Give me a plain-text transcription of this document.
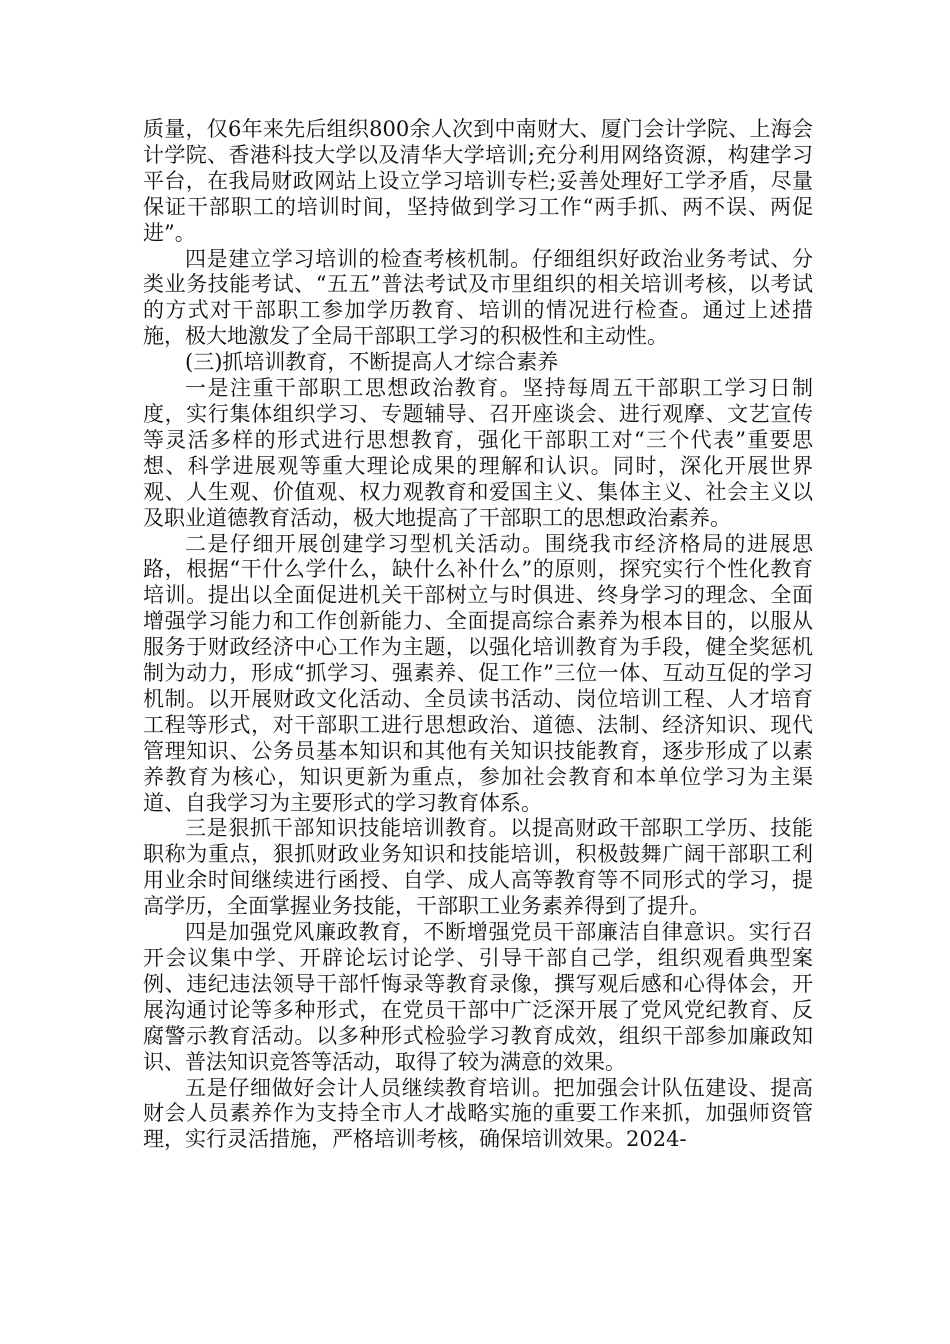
质量，仅6年来先后组织800余人次到中南财大、厦门会计学院、上海会计学院、香港科技大学以及清华大学培训;充分利用网络资源，构建学习平台，在我局财政网站上设立学习培训专栏;妥善处理好工学矛盾，尽量保证干部职工的培训时间，坚持做到学习工作“两手抓、两不误、两促进”。

四是建立学习培训的检查考核机制。仔细组织好政治业务考试、分类业务技能考试、“五五”普法考试及市里组织的相关培训考核，以考试的方式对干部职工参加学历教育、培训的情况进行检查。通过上述措施，极大地激发了全局干部职工学习的积极性和主动性。

(三)抓培训教育，不断提高人才综合素养

一是注重干部职工思想政治教育。坚持每周五干部职工学习日制度，实行集体组织学习、专题辅导、召开座谈会、进行观摩、文艺宣传等灵活多样的形式进行思想教育，强化干部职工对“三个代表”重要思想、科学进展观等重大理论成果的理解和认识。同时，深化开展世界观、人生观、价值观、权力观教育和爱国主义、集体主义、社会主义以及职业道德教育活动，极大地提高了干部职工的思想政治素养。

二是仔细开展创建学习型机关活动。围绕我市经济格局的进展思路，根据“干什么学什么，缺什么补什么”的原则，探究实行个性化教育培训。提出以全面促进机关干部树立与时俱进、终身学习的理念、全面增强学习能力和工作创新能力、全面提高综合素养为根本目的，以服从服务于财政经济中心工作为主题，以强化培训教育为手段，健全奖惩机制为动力，形成“抓学习、强素养、促工作”三位一体、互动互促的学习机制。以开展财政文化活动、全员读书活动、岗位培训工程、人才培育工程等形式，对干部职工进行思想政治、道德、法制、经济知识、现代管理知识、公务员基本知识和其他有关知识技能教育，逐步形成了以素养教育为核心，知识更新为重点，参加社会教育和本单位学习为主渠道、自我学习为主要形式的学习教育体系。

三是狠抓干部知识技能培训教育。以提高财政干部职工学历、技能职称为重点，狠抓财政业务知识和技能培训，积极鼓舞广阔干部职工利用业余时间继续进行函授、自学、成人高等教育等不同形式的学习，提高学历，全面掌握业务技能，干部职工业务素养得到了提升。

四是加强党风廉政教育，不断增强党员干部廉洁自律意识。实行召开会议集中学、开辟论坛讨论学、引导干部自己学，组织观看典型案例、违纪违法领导干部忏悔录等教育录像，撰写观后感和心得体会，开展沟通讨论等多种形式，在党员干部中广泛深开展了党风党纪教育、反腐警示教育活动。以多种形式检验学习教育成效，组织干部参加廉政知识、普法知识竞答等活动，取得了较为满意的效果。

五是仔细做好会计人员继续教育培训。把加强会计队伍建设、提高财会人员素养作为支持全市人才战略实施的重要工作来抓，加强师资管理，实行灵活措施，严格培训考核，确保培训效果。2024-
